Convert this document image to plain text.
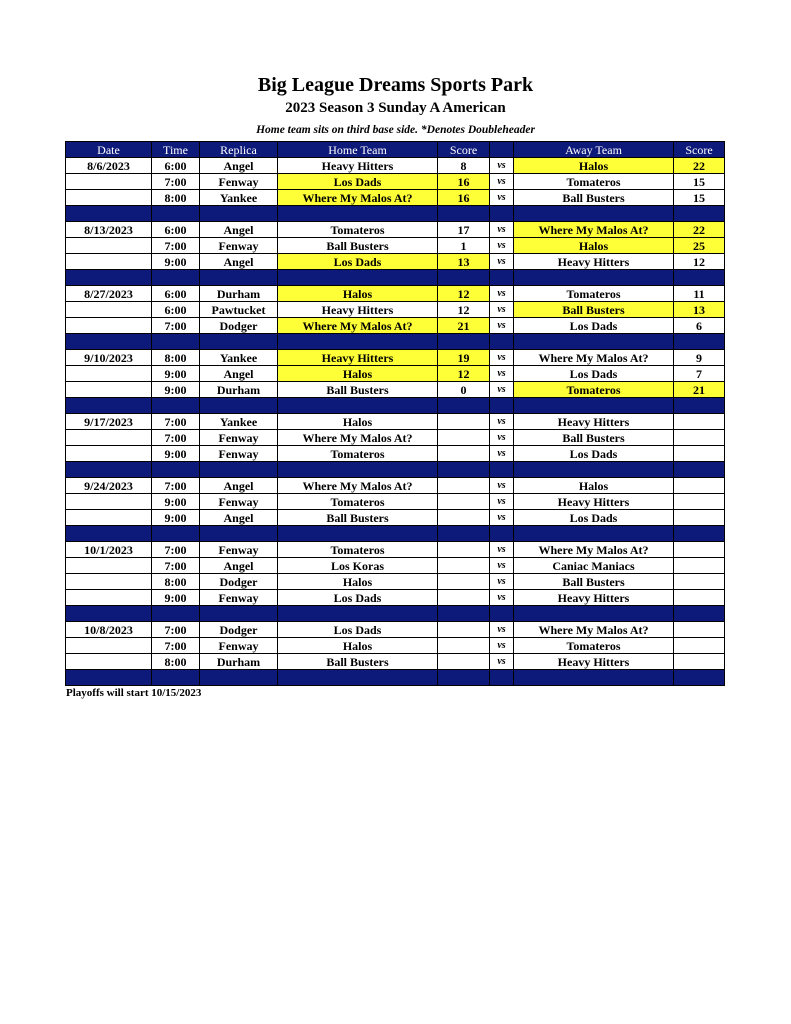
Big League Dreams Sports Park
2023 Season 3 Sunday A American
Home team sits on third base side. *Denotes Doubleheader
Date	Time	Replica	Home Team	Score		Away Team	Score
8/6/2023	6:00	Angel	Heavy Hitters	8	vs	Halos	22
	7:00	Fenway	Los Dads	16	vs	Tomateros	15
	8:00	Yankee	Where My Malos At?	16	vs	Ball Busters	15

8/13/2023	6:00	Angel	Tomateros	17	vs	Where My Malos At?	22
	7:00	Fenway	Ball Busters	1	vs	Halos	25
	9:00	Angel	Los Dads	13	vs	Heavy Hitters	12

8/27/2023	6:00	Durham	Halos	12	vs	Tomateros	11
	6:00	Pawtucket	Heavy Hitters	12	vs	Ball Busters	13
	7:00	Dodger	Where My Malos At?	21	vs	Los Dads	6

9/10/2023	8:00	Yankee	Heavy Hitters	19	vs	Where My Malos At?	9
	9:00	Angel	Halos	12	vs	Los Dads	7
	9:00	Durham	Ball Busters	0	vs	Tomateros	21

9/17/2023	7:00	Yankee	Halos		vs	Heavy Hitters	
	7:00	Fenway	Where My Malos At?		vs	Ball Busters	
	9:00	Fenway	Tomateros		vs	Los Dads	

9/24/2023	7:00	Angel	Where My Malos At?		vs	Halos	
	9:00	Fenway	Tomateros		vs	Heavy Hitters	
	9:00	Angel	Ball Busters		vs	Los Dads	

10/1/2023	7:00	Fenway	Tomateros		vs	Where My Malos At?	
	7:00	Angel	Los Koras		vs	Caniac Maniacs	
	8:00	Dodger	Halos		vs	Ball Busters	
	9:00	Fenway	Los Dads		vs	Heavy Hitters	

10/8/2023	7:00	Dodger	Los Dads		vs	Where My Malos At?	
	7:00	Fenway	Halos		vs	Tomateros	
	8:00	Durham	Ball Busters		vs	Heavy Hitters	

Playoffs will start 10/15/2023
